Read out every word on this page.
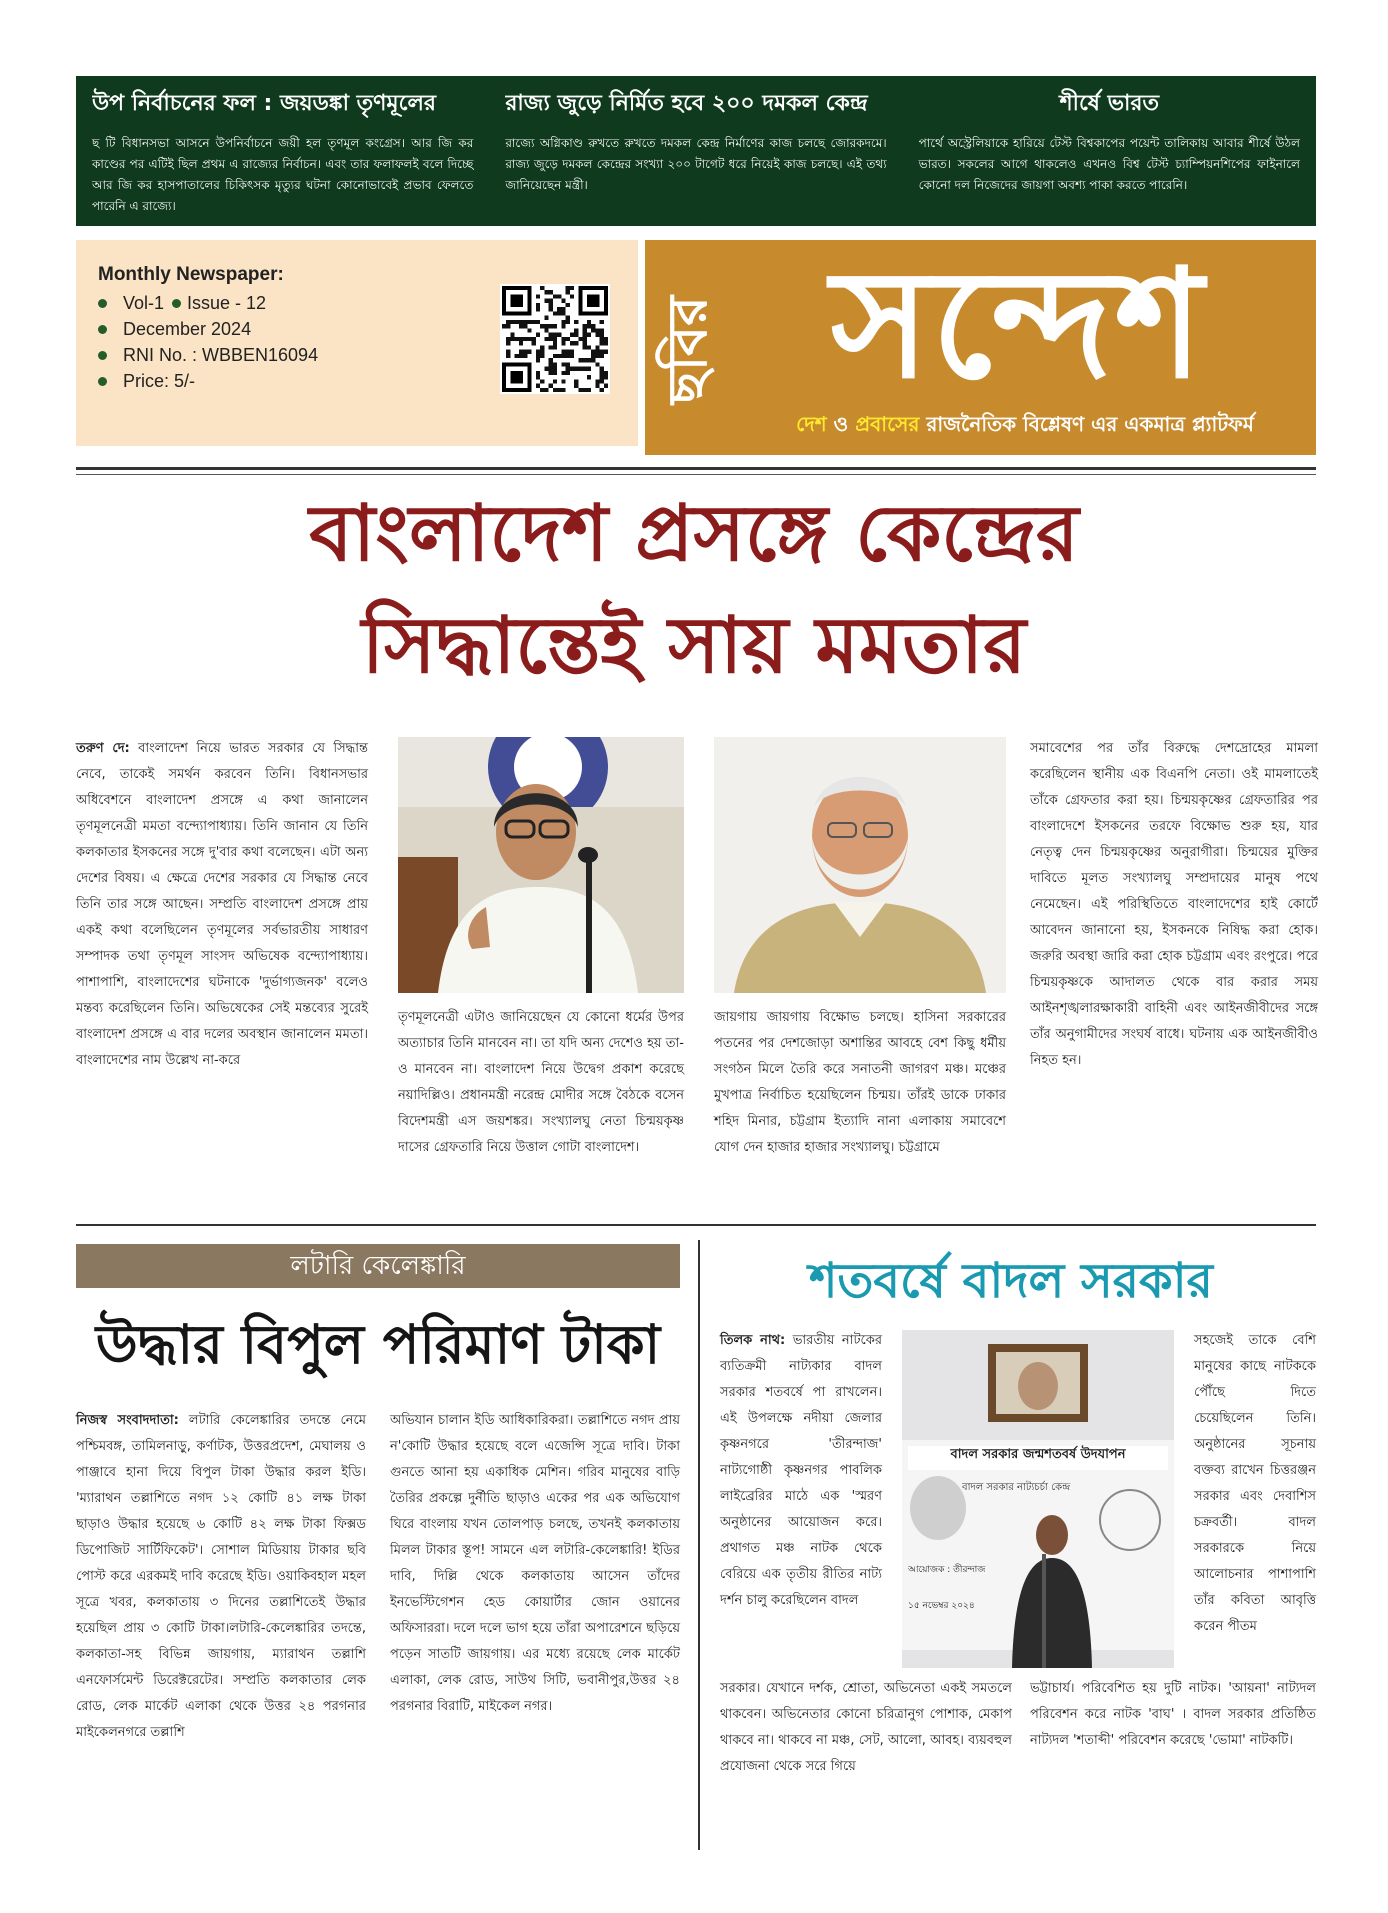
উপ নির্বাচনের ফল : জয়ডঙ্কা তৃণমূলের
ছ টি বিধানসভা আসনে উপনির্বাচনে জয়ী হল তৃণমূল কংগ্রেস। আর জি কর কাণ্ডের পর এটিই ছিল প্রথম এ রাজ্যের নির্বাচন। এবং তার ফলাফলই বলে দিচ্ছে আর জি কর হাসপাতালের চিকিৎসক মৃত্যুর ঘটনা কোনোভাবেই প্রভাব ফেলতে পারেনি এ রাজ্যে।
রাজ্য জুড়ে নির্মিত হবে ২০০ দমকল কেন্দ্র
রাজ্যে অগ্নিকাণ্ড রুখতে রুখতে দমকল কেন্দ্র নির্মাণের কাজ চলছে জোরকদমে। রাজ্য জুড়ে দমকল কেন্দ্রের সংখ্যা ২০০ টাগেট ধরে নিয়েই কাজ চলছে। এই তথ্য জানিয়েছেন মন্ত্রী।
শীর্ষে ভারত
পার্থে অস্ট্রেলিয়াকে হারিয়ে টেস্ট বিশ্বকাপের পয়েন্ট তালিকায় আবার শীর্ষে উঠল ভারত। সকলের আগে থাকলেও এখনও বিশ্ব টেস্ট চ্যাম্পিয়নশিপের ফাইনালে কোনো দল নিজেদের জায়গা অবশ্য পাকা করতে পারেনি।
Monthly Newspaper:
Vol-1 Issue - 12
December 2024
RNI No. : WBBEN16094
Price: 5/-	ছবির সন্দেশ
দেশ ও প্রবাসের রাজনৈতিক বিশ্লেষণ এর একমাত্র প্ল্যাটফর্ম
বাংলাদেশ প্রসঙ্গে কেন্দ্রের
সিদ্ধান্তেই সায় মমতার
তরুণ দে: বাংলাদেশ নিয়ে ভারত সরকার যে সিদ্ধান্ত নেবে, তাকেই সমর্থন করবেন তিনি। বিধানসভার অধিবেশনে বাংলাদেশ প্রসঙ্গে এ কথা জানালেন তৃণমূলনেত্রী মমতা বন্দ্যোপাধ্যায়। তিনি জানান যে তিনি কলকাতার ইসকনের সঙ্গে দু'বার কথা বলেছেন। এটা অন্য দেশের বিষয়। এ ক্ষেত্রে দেশের সরকার যে সিদ্ধান্ত নেবে তিনি তার সঙ্গে আছেন। সম্প্রতি বাংলাদেশ প্রসঙ্গে প্রায় একই কথা বলেছিলেন তৃণমূলের সর্বভারতীয় সাধারণ সম্পাদক তথা তৃণমূল সাংসদ অভিষেক বন্দ্যোপাধ্যায়। পাশাপাশি, বাংলাদেশের ঘটনাকে 'দুর্ভাগ্যজনক' বলেও মন্তব্য করেছিলেন তিনি। অভিষেকের সেই মন্তব্যের সুরেই বাংলাদেশ প্রসঙ্গে এ বার দলের অবস্থান জানালেন মমতা। বাংলাদেশের নাম উল্লেখ না-করে
তৃণমূলনেত্রী এটাও জানিয়েছেন যে কোনো ধর্মের উপর অত্যাচার তিনি মানবেন না। তা যদি অন্য দেশেও হয় তা-ও মানবেন না। বাংলাদেশ নিয়ে উদ্বেগ প্রকাশ করেছে নয়াদিল্লিও। প্রধানমন্ত্রী নরেন্দ্র মোদীর সঙ্গে বৈঠকে বসেন বিদেশমন্ত্রী এস জয়শঙ্কর। সংখ্যালঘু নেতা চিন্ময়কৃষ্ণ দাসের গ্রেফতারি নিয়ে উত্তাল গোটা বাংলাদেশ।
জায়গায় জায়গায় বিক্ষোভ চলছে। হাসিনা সরকারের পতনের পর দেশজোড়া অশান্তির আবহে বেশ কিছু ধর্মীয় সংগঠন মিলে তৈরি করে সনাতনী জাগরণ মঞ্চ। মঞ্চের মুখপাত্র নির্বাচিত হয়েছিলেন চিন্ময়। তাঁরই ডাকে ঢাকার শহিদ মিনার, চট্টগ্রাম ইত্যাদি নানা এলাকায় সমাবেশে যোগ দেন হাজার হাজার সংখ্যালঘু। চট্টগ্রামে
সমাবেশের পর তাঁর বিরুদ্ধে দেশদ্রোহের মামলা করেছিলেন স্থানীয় এক বিএনপি নেতা। ওই মামলাতেই তাঁকে গ্রেফতার করা হয়। চিন্ময়কৃষ্ণের গ্রেফতারির পর বাংলাদেশে ইসকনের তরফে বিক্ষোভ শুরু হয়, যার নেতৃত্ব দেন চিন্ময়কৃষ্ণের অনুরাগীরা। চিন্ময়ের মুক্তির দাবিতে মূলত সংখ্যালঘু সম্প্রদায়ের মানুষ পথে নেমেছেন। এই পরিস্থিতিতে বাংলাদেশের হাই কোর্টে আবেদন জানানো হয়, ইসকনকে নিষিদ্ধ করা হোক। জরুরি অবস্থা জারি করা হোক চট্টগ্রাম এবং রংপুরে। পরে চিন্ময়কৃষ্ণকে আদালত থেকে বার করার সময় আইনশৃঙ্খলারক্ষাকারী বাহিনী এবং আইনজীবীদের সঙ্গে তাঁর অনুগামীদের সংঘর্ষ বাধে। ঘটনায় এক আইনজীবীও নিহত হন।
লটারি কেলেঙ্কারি
উদ্ধার বিপুল পরিমাণ টাকা
নিজস্ব সংবাদদাতা: লটারি কেলেঙ্কারির তদন্তে নেমে পশ্চিমবঙ্গ, তামিলনাড়ু, কর্ণাটক, উত্তরপ্রদেশ, মেঘালয় ও পাঞ্জাবে হানা দিয়ে বিপুল টাকা উদ্ধার করল ইডি। 'ম্যারাথন তল্লাশিতে নগদ ১২ কোটি ৪১ লক্ষ টাকা ছাড়াও উদ্ধার হয়েছে ৬ কোটি ৪২ লক্ষ টাকা ফিক্সড ডিপোজিট সার্টিফিকেট'। সোশাল মিডিয়ায় টাকার ছবি পোস্ট করে এরকমই দাবি করেছে ইডি। ওয়াকিবহাল মহল সূত্রে খবর, কলকাতায় ৩ দিনের তল্লাশিতেই উদ্ধার হয়েছিল প্রায় ৩ কোটি টাকা।লটারি-কেলেঙ্কারির তদন্তে, কলকাতা-সহ বিভিন্ন জায়গায়, ম্যারাথন তল্লাশি এনফোর্সমেন্ট ডিরেক্টরেটের। সম্প্রতি কলকাতার লেক রোড, লেক মার্কেট এলাকা থেকে উত্তর ২৪ পরগনার মাইকেলনগরে তল্লাশি
অভিযান চালান ইডি আধিকারিকরা। তল্লাশিতে নগদ প্রায় ন'কোটি উদ্ধার হয়েছে বলে এজেন্সি সূত্রে দাবি। টাকা গুনতে আনা হয় একাধিক মেশিন। গরিব মানুষের বাড়ি তৈরির প্রকল্পে দুর্নীতি ছাড়াও একের পর এক অভিযোগ ঘিরে বাংলায় যখন তোলপাড় চলছে, তখনই কলকাতায় মিলল টাকার স্তূপ! সামনে এল লটারি-কেলেঙ্কারি! ইডির দাবি, দিল্লি থেকে কলকাতায় আসেন তাঁদের ইনভেস্টিগেশন হেড কোয়ার্টার জোন ওয়ানের অফিসাররা। দলে দলে ভাগ হয়ে তাঁরা অপারেশনে ছড়িয়ে পড়েন সাতটি জায়গায়। এর মধ্যে রয়েছে লেক মার্কেট এলাকা, লেক রোড, সাউথ সিটি, ভবানীপুর,উত্তর ২৪ পরগনার বিরাটি, মাইকেল নগর।
শতবর্ষে বাদল সরকার
তিলক নাথ: ভারতীয় নাটকের ব্যতিক্রমী নাট্যকার বাদল সরকার শতবর্ষে পা রাখলেন। এই উপলক্ষে নদীয়া জেলার কৃষ্ণনগরে 'তীরন্দাজ' নাট্যগোষ্ঠী কৃষ্ণনগর পাবলিক লাইব্রেরির মাঠে এক 'স্মরণ অনুষ্ঠানের আয়োজন করে। প্রথাগত মঞ্চ নাটক থেকে বেরিয়ে এক তৃতীয় রীতির নাট্য দর্শন চালু করেছিলেন বাদল
বাদল সরকার জন্মশতবর্ষ উদযাপন
বাদল সরকার নাট্যচর্চা কেন্দ্র
আয়োজক : তীরন্দাজ
১৫ নভেম্বর ২০২৪
সহজেই তাকে বেশি মানুষের কাছে নাটককে পৌঁছে দিতে চেয়েছিলেন তিনি। অনুষ্ঠানের সূচনায় বক্তব্য রাখেন চিত্তরঞ্জন সরকার এবং দেবাশিস চক্রবর্তী। বাদল সরকারকে নিয়ে আলোচনার পাশাপাশি তাঁর কবিতা আবৃত্তি করেন পীতম
সরকার। যেখানে দর্শক, শ্রোতা, অভিনেতা একই সমতলে থাকবেন। অভিনেতার কোনো চরিত্রানুগ পোশাক, মেকাপ থাকবে না। থাকবে না মঞ্চ, সেট, আলো, আবহ। ব্যয়বহুল প্রযোজনা থেকে সরে গিয়ে
ভট্টাচার্য। পরিবেশিত হয় দুটি নাটক। 'আয়না' নাট্যদল পরিবেশন করে নাটক 'বাঘ' । বাদল সরকার প্রতিষ্ঠিত নাট্যদল 'শতাব্দী' পরিবেশন করেছে 'ভোমা' নাটকটি।
